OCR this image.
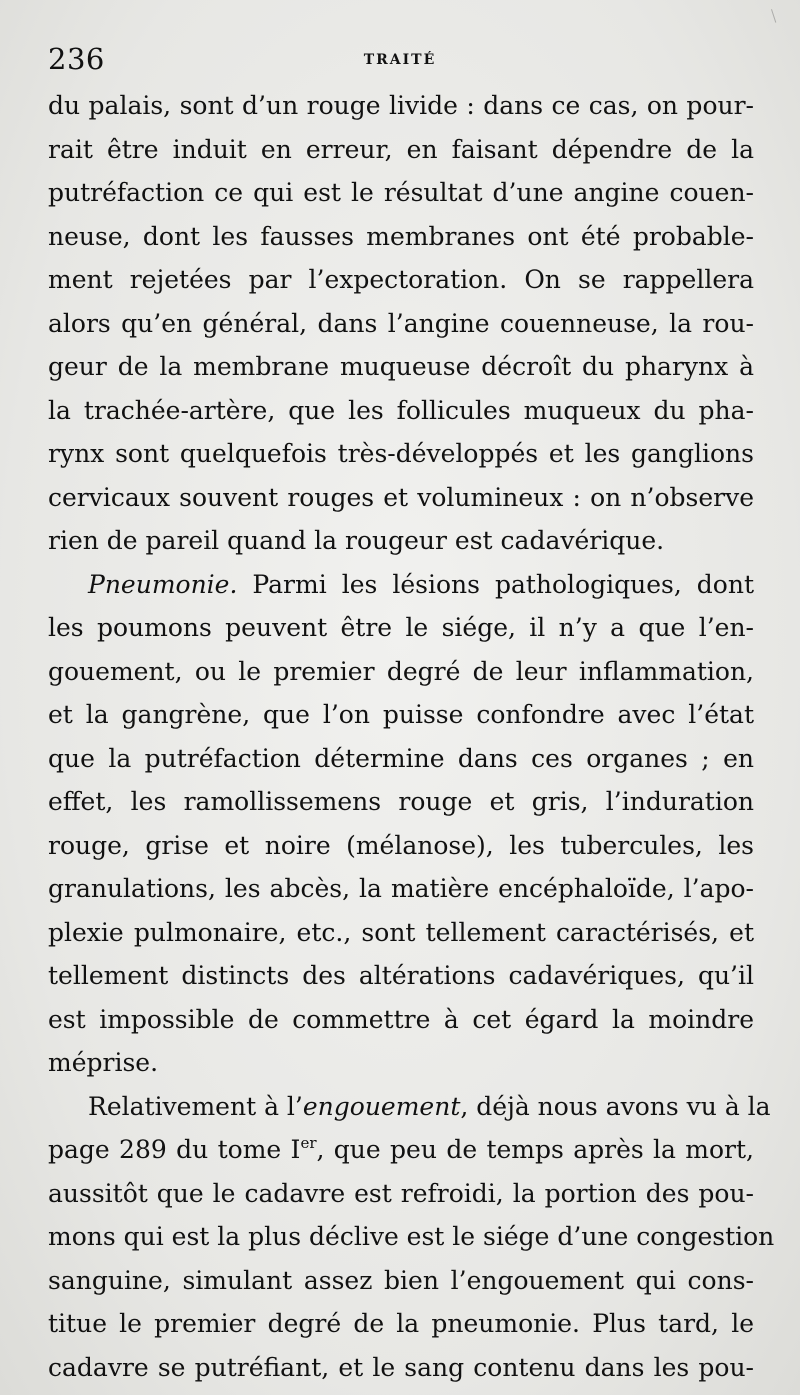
236	TRAITÉ
du palais, sont d’un rouge livide : dans ce cas, on pour-
rait être induit en erreur, en faisant dépendre de la
putréfaction ce qui est le résultat d’une angine couen-
neuse, dont les fausses membranes ont été probable-
ment rejetées par l’expectoration. On se rappellera
alors qu’en général, dans l’angine couenneuse, la rou-
geur de la membrane muqueuse décroît du pharynx à
la trachée-artère, que les follicules muqueux du pha-
rynx sont quelquefois très-développés et les ganglions
cervicaux souvent rouges et volumineux : on n’observe
rien de pareil quand la rougeur est cadavérique.
Pneumonie. Parmi les lésions pathologiques, dont
les poumons peuvent être le siége, il n’y a que l’en-
gouement, ou le premier degré de leur inflammation,
et la gangrène, que l’on puisse confondre avec l’état
que la putréfaction détermine dans ces organes ; en
effet, les ramollissemens rouge et gris, l’induration
rouge, grise et noire (mélanose), les tubercules, les
granulations, les abcès, la matière encéphaloïde, l’apo-
plexie pulmonaire, etc., sont tellement caractérisés, et
tellement distincts des altérations cadavériques, qu’il
est impossible de commettre à cet égard la moindre
méprise.
Relativement à l’engouement, déjà nous avons vu à la
page 289 du tome Ier, que peu de temps après la mort,
aussitôt que le cadavre est refroidi, la portion des pou-
mons qui est la plus déclive est le siége d’une congestion
sanguine, simulant assez bien l’engouement qui cons-
titue le premier degré de la pneumonie. Plus tard, le
cadavre se putréfiant, et le sang contenu dans les pou-
